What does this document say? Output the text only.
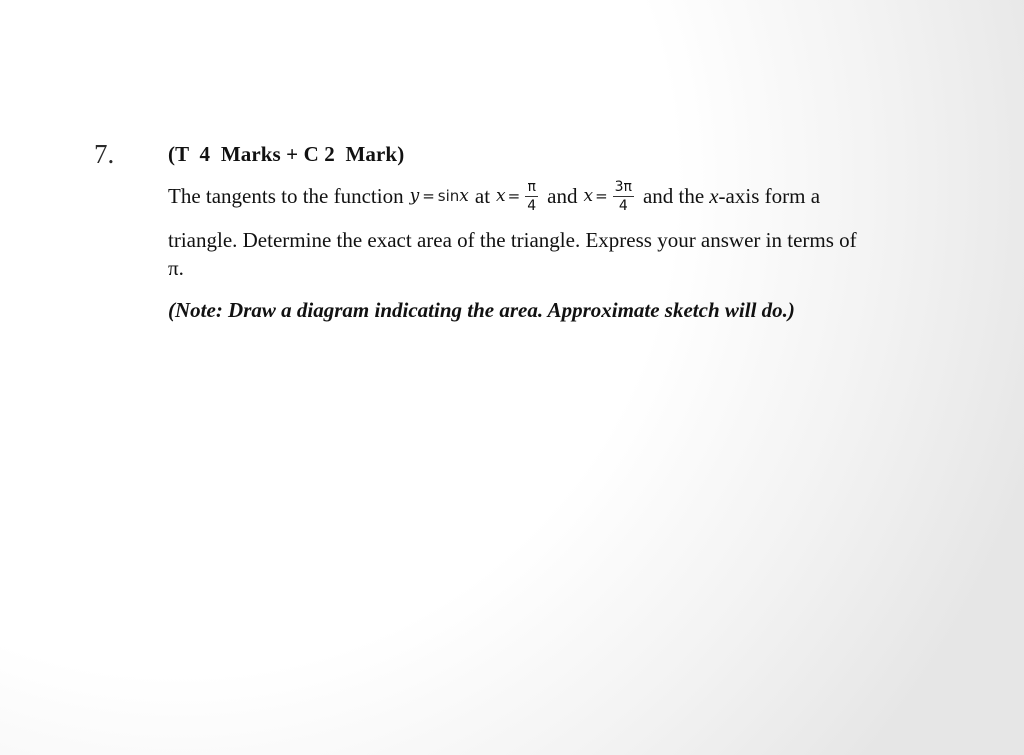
7.	(T  4  Marks + C 2  Mark)
The tangents to the function y = sin x at $x = \frac{\pi}{4}$ and $x = \frac{3\pi}{4}$ and the x -axis form a
triangle. Determine the exact area of the triangle. Express your answer in terms of
π.
(Note: Draw a diagram indicating the area. Approximate sketch will do.)
